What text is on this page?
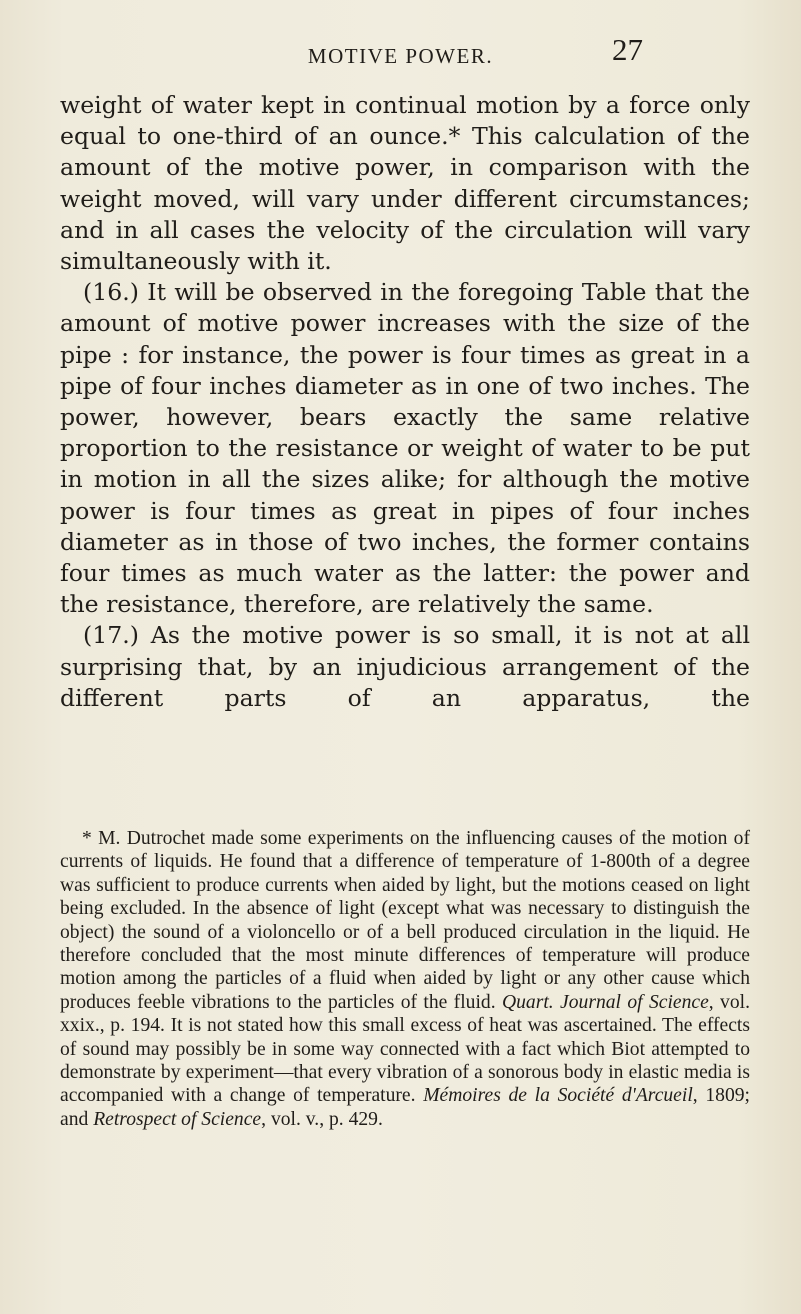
MOTIVE POWER.	27

weight of water kept in continual motion by a force only equal to one-third of an ounce.* This calculation of the amount of the motive power, in comparison with the weight moved, will vary under different circumstances; and in all cases the velocity of the circulation will vary simultaneously with it.

(16.) It will be observed in the foregoing Table that the amount of motive power increases with the size of the pipe : for instance, the power is four times as great in a pipe of four inches diameter as in one of two inches. The power, however, bears exactly the same relative proportion to the resistance or weight of water to be put in motion in all the sizes alike; for although the motive power is four times as great in pipes of four inches diameter as in those of two inches, the former contains four times as much water as the latter: the power and the resistance, therefore, are relatively the same.

(17.) As the motive power is so small, it is not at all surprising that, by an injudicious arrangement of the different parts of an apparatus, the

* M. Dutrochet made some experiments on the influencing causes of the motion of currents of liquids. He found that a difference of temperature of 1-800th of a degree was sufficient to produce currents when aided by light, but the motions ceased on light being excluded. In the absence of light (except what was necessary to distinguish the object) the sound of a violoncello or of a bell produced circulation in the liquid. He therefore concluded that the most minute differences of temperature will produce motion among the particles of a fluid when aided by light or any other cause which produces feeble vibrations to the particles of the fluid. Quart. Journal of Science, vol. xxix., p. 194. It is not stated how this small excess of heat was ascertained. The effects of sound may possibly be in some way connected with a fact which Biot attempted to demonstrate by experiment—that every vibration of a sonorous body in elastic media is accompanied with a change of temperature. Mémoires de la Société d'Arcueil, 1809; and Retrospect of Science, vol. v., p. 429.
